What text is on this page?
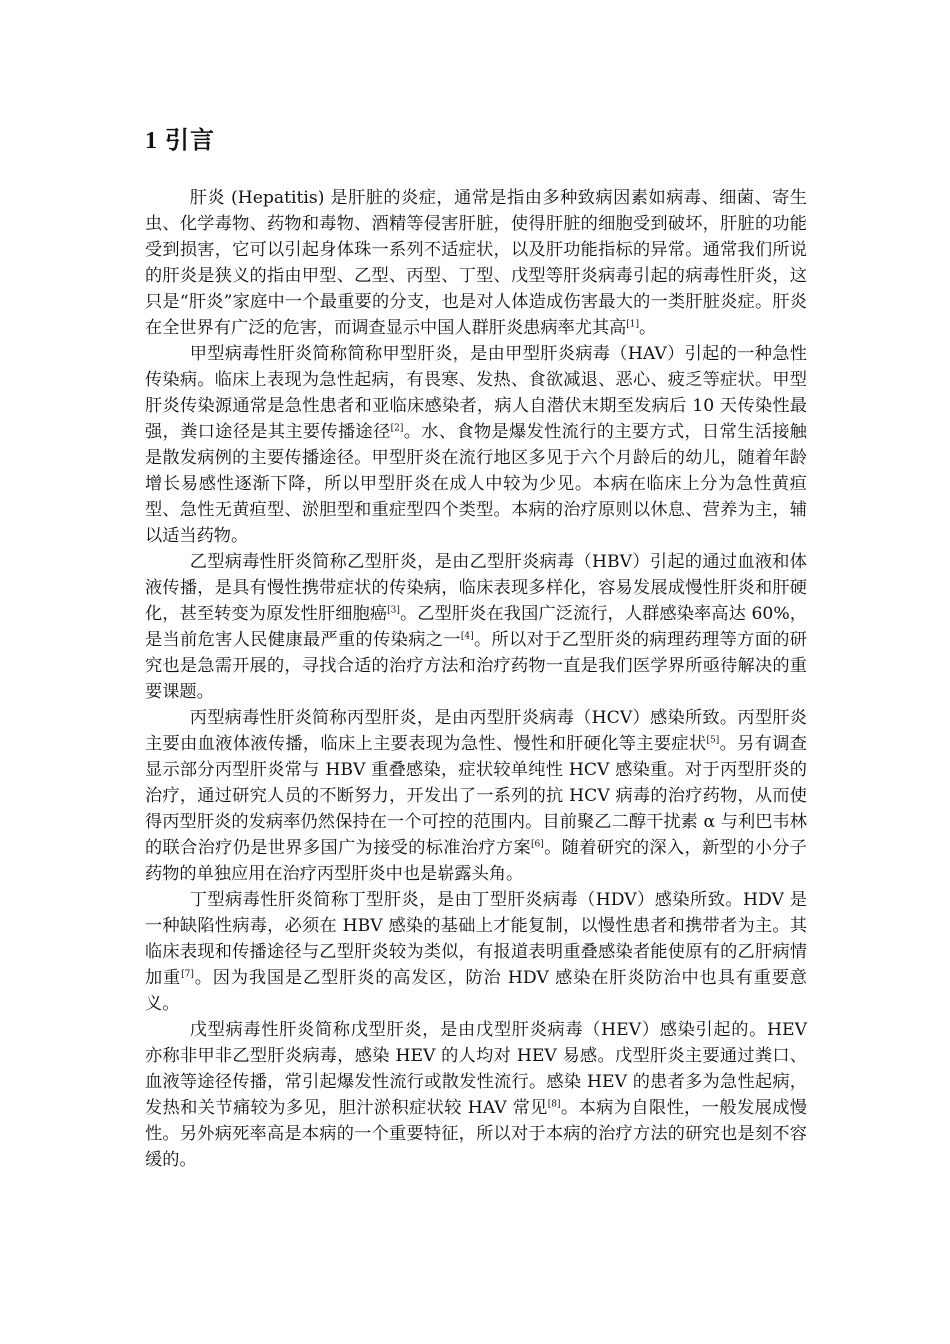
1 引言

肝炎 (Hepatitis) 是肝脏的炎症，通常是指由多种致病因素如病毒、细菌、寄生虫、化学毒物、药物和毒物、酒精等侵害肝脏，使得肝脏的细胞受到破坏，肝脏的功能受到损害，它可以引起身体珠一系列不适症状，以及肝功能指标的异常。通常我们所说的肝炎是狭义的指由甲型、乙型、丙型、丁型、戊型等肝炎病毒引起的病毒性肝炎，这只是“肝炎”家庭中一个最重要的分支，也是对人体造成伤害最大的一类肝脏炎症。肝炎在全世界有广泛的危害，而调查显示中国人群肝炎患病率尤其高[1]。

甲型病毒性肝炎简称简称甲型肝炎，是由甲型肝炎病毒（HAV）引起的一种急性传染病。临床上表现为急性起病，有畏寒、发热、食欲减退、恶心、疲乏等症状。甲型肝炎传染源通常是急性患者和亚临床感染者，病人自潜伏末期至发病后 10 天传染性最强，粪口途径是其主要传播途径[2]。水、食物是爆发性流行的主要方式，日常生活接触是散发病例的主要传播途径。甲型肝炎在流行地区多见于六个月龄后的幼儿，随着年龄增长易感性逐渐下降，所以甲型肝炎在成人中较为少见。本病在临床上分为急性黄疸型、急性无黄疸型、淤胆型和重症型四个类型。本病的治疗原则以休息、营养为主，辅以适当药物。

乙型病毒性肝炎简称乙型肝炎，是由乙型肝炎病毒（HBV）引起的通过血液和体液传播，是具有慢性携带症状的传染病，临床表现多样化，容易发展成慢性肝炎和肝硬化，甚至转变为原发性肝细胞癌[3]。乙型肝炎在我国广泛流行，人群感染率高达 60%，是当前危害人民健康最严重的传染病之一[4]。所以对于乙型肝炎的病理药理等方面的研究也是急需开展的，寻找合适的治疗方法和治疗药物一直是我们医学界所亟待解决的重要课题。

丙型病毒性肝炎简称丙型肝炎，是由丙型肝炎病毒（HCV）感染所致。丙型肝炎主要由血液体液传播，临床上主要表现为急性、慢性和肝硬化等主要症状[5]。另有调查显示部分丙型肝炎常与 HBV 重叠感染，症状较单纯性 HCV 感染重。对于丙型肝炎的治疗，通过研究人员的不断努力，开发出了一系列的抗 HCV 病毒的治疗药物，从而使得丙型肝炎的发病率仍然保持在一个可控的范围内。目前聚乙二醇干扰素 α 与利巴韦林的联合治疗仍是世界多国广为接受的标准治疗方案[6]。随着研究的深入，新型的小分子药物的单独应用在治疗丙型肝炎中也是崭露头角。

丁型病毒性肝炎简称丁型肝炎，是由丁型肝炎病毒（HDV）感染所致。HDV 是一种缺陷性病毒，必须在 HBV 感染的基础上才能复制，以慢性患者和携带者为主。其临床表现和传播途径与乙型肝炎较为类似，有报道表明重叠感染者能使原有的乙肝病情加重[7]。因为我国是乙型肝炎的高发区，防治 HDV 感染在肝炎防治中也具有重要意义。

戊型病毒性肝炎简称戊型肝炎，是由戊型肝炎病毒（HEV）感染引起的。HEV 亦称非甲非乙型肝炎病毒，感染 HEV 的人均对 HEV 易感。戊型肝炎主要通过粪口、血液等途径传播，常引起爆发性流行或散发性流行。感染 HEV 的患者多为急性起病，发热和关节痛较为多见，胆汁淤积症状较 HAV 常见[8]。本病为自限性，一般发展成慢性。另外病死率高是本病的一个重要特征，所以对于本病的治疗方法的研究也是刻不容缓的。
